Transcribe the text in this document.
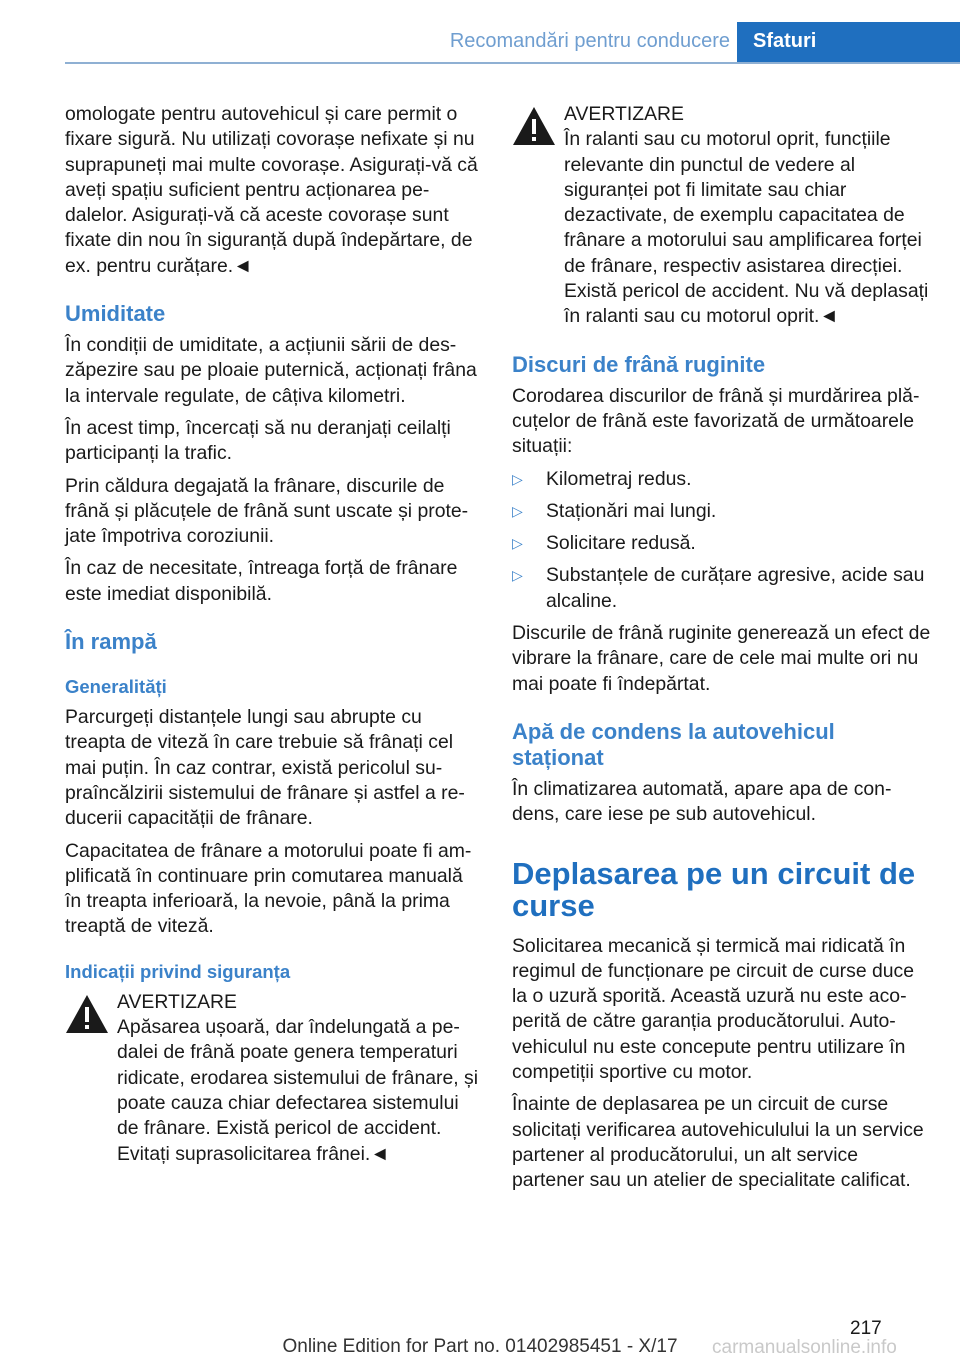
Recomandări pentru conducere	Sfaturi

omologate pentru autovehicul și care permit o fixare sigură. Nu utilizați covorașe nefixate și nu suprapuneți mai multe covorașe. Asigurați-vă că aveți spațiu suficient pentru acționarea pedalelor. Asigurați-vă că aceste covorașe sunt fixate din nou în siguranță după îndepărtare, de ex. pentru curățare.◄

Umiditate

În condiții de umiditate, a acțiunii sării de deszăpezire sau pe ploaie puternică, acționați frâna la intervale regulate, de câțiva kilometri.

În acest timp, încercați să nu deranjați ceilalți participanți la trafic.

Prin căldura degajată la frânare, discurile de frână și plăcuțele de frână sunt uscate și protejate împotriva coroziunii.

În caz de necesitate, întreaga forță de frânare este imediat disponibilă.

În rampă
Generalități

Parcurgeți distanțele lungi sau abrupte cu treapta de viteză în care trebuie să frânați cel mai puțin. În caz contrar, există pericolul supraîncălzirii sistemului de frânare și astfel a reducerii capacității de frânare.

Capacitatea de frânare a motorului poate fi amplificată în continuare prin comutarea manuală în treapta inferioară, la nevoie, până la prima treaptă de viteză.

Indicații privind siguranța
AVERTIZARE
Apăsarea ușoară, dar îndelungată a pedalei de frână poate genera temperaturi ridicate, erodarea sistemului de frânare, și poate cauza chiar defectarea sistemului de frânare. Există pericol de accident. Evitați suprasolicitarea frânei.◄
AVERTIZARE
În ralanti sau cu motorul oprit, funcțiile relevante din punctul de vedere al siguranței pot fi limitate sau chiar dezactivate, de exemplu capacitatea de frânare a motorului sau amplificarea forței de frânare, respectiv asistarea direcției. Există pericol de accident. Nu vă deplasați în ralanti sau cu motorul oprit.◄
Discuri de frână ruginite

Corodarea discurilor de frână și murdărirea plăcuțelor de frână este favorizată de următoarele situații:

▷ Kilometraj redus.
▷ Staționări mai lungi.
▷ Solicitare redusă.
▷ Substanțele de curățare agresive, acide sau alcaline.

Discurile de frână ruginite generează un efect de vibrare la frânare, care de cele mai multe ori nu mai poate fi îndepărtat.

Apă de condens la autovehicul staționat

În climatizarea automată, apare apa de condens, care iese pe sub autovehicul.

Deplasarea pe un circuit de curse

Solicitarea mecanică și termică mai ridicată în regimul de funcționare pe circuit de curse duce la o uzură sporită. Această uzură nu este acoperită de către garanția producătorului. Autovehiculul nu este concepute pentru utilizare în competiții sportive cu motor.

Înainte de deplasarea pe un circuit de curse solicitați verificarea autovehiculului la un service partener al producătorului, un alt service partener sau un atelier de specialitate calificat.

217
Online Edition for Part no. 01402985451 - X/17	carmanualsonline.info
